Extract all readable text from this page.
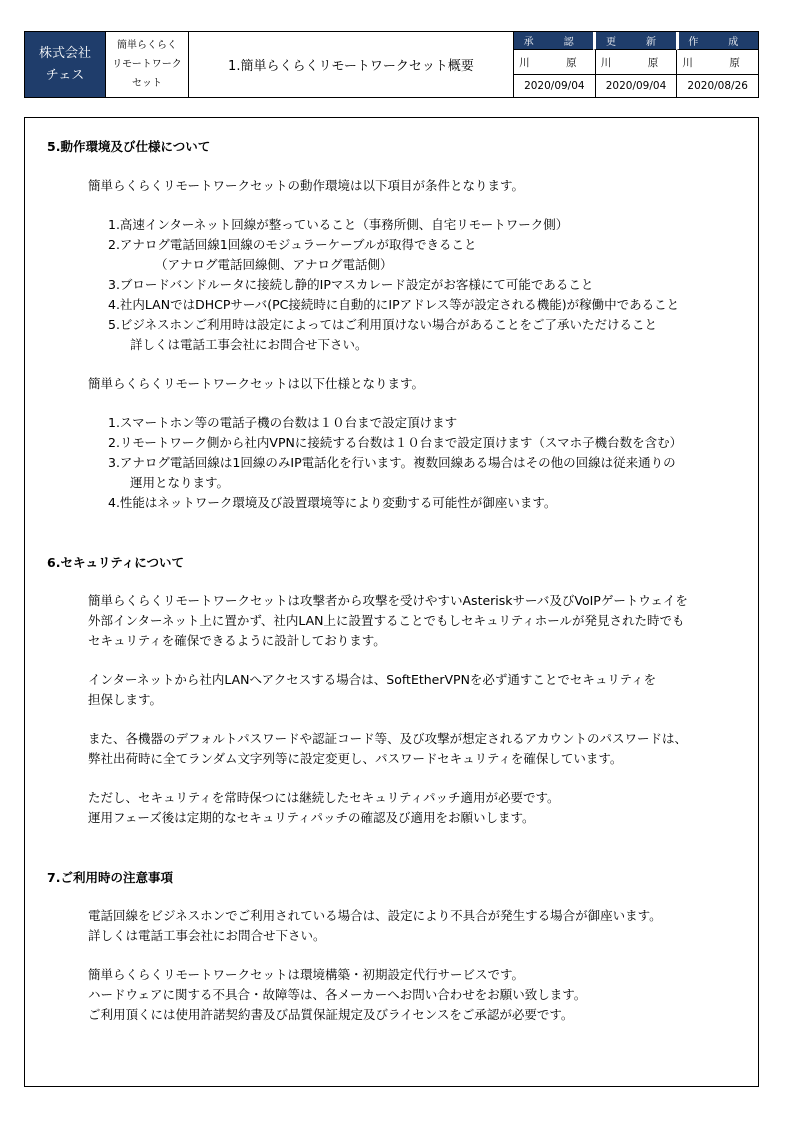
株式会社
チェス
簡単らくらく
リモートワーク
セット
1.簡単らくらくリモートワークセット概要
承　認	更　新	作　成
川　原	川　原	川　原
2020/09/04	2020/09/04	2020/08/26
5.動作環境及び仕様について
簡単らくらくリモートワークセットの動作環境は以下項目が条件となります。
1.高速インターネット回線が整っていること（事務所側、自宅リモートワーク側）
2.アナログ電話回線1回線のモジュラーケーブルが取得できること
（アナログ電話回線側、アナログ電話側）
3.ブロードバンドルータに接続し静的IPマスカレード設定がお客様にて可能であること
4.社内LANではDHCPサーバ(PC接続時に自動的にIPアドレス等が設定される機能)が稼働中であること
5.ビジネスホンご利用時は設定によってはご利用頂けない場合があることをご了承いただけること
詳しくは電話工事会社にお問合せ下さい。
簡単らくらくリモートワークセットは以下仕様となります。
1.スマートホン等の電話子機の台数は１０台まで設定頂けます
2.リモートワーク側から社内VPNに接続する台数は１０台まで設定頂けます（スマホ子機台数を含む）
3.アナログ電話回線は1回線のみIP電話化を行います。複数回線ある場合はその他の回線は従来通りの
運用となります。
4.性能はネットワーク環境及び設置環境等により変動する可能性が御座います。
6.セキュリティについて
簡単らくらくリモートワークセットは攻撃者から攻撃を受けやすいAsteriskサーバ及びVoIPゲートウェイを
外部インターネット上に置かず、社内LAN上に設置することでもしセキュリティホールが発見された時でも
セキュリティを確保できるように設計しております。
インターネットから社内LANへアクセスする場合は、SoftEtherVPNを必ず通すことでセキュリティを
担保します。
また、各機器のデフォルトパスワードや認証コード等、及び攻撃が想定されるアカウントのパスワードは、
弊社出荷時に全てランダム文字列等に設定変更し、パスワードセキュリティを確保しています。
ただし、セキュリティを常時保つには継続したセキュリティパッチ適用が必要です。
運用フェーズ後は定期的なセキュリティパッチの確認及び適用をお願いします。
7.ご利用時の注意事項
電話回線をビジネスホンでご利用されている場合は、設定により不具合が発生する場合が御座います。
詳しくは電話工事会社にお問合せ下さい。
簡単らくらくリモートワークセットは環境構築・初期設定代行サービスです。
ハードウェアに関する不具合・故障等は、各メーカーへお問い合わせをお願い致します。
ご利用頂くには使用許諾契約書及び品質保証規定及びライセンスをご承認が必要です。
